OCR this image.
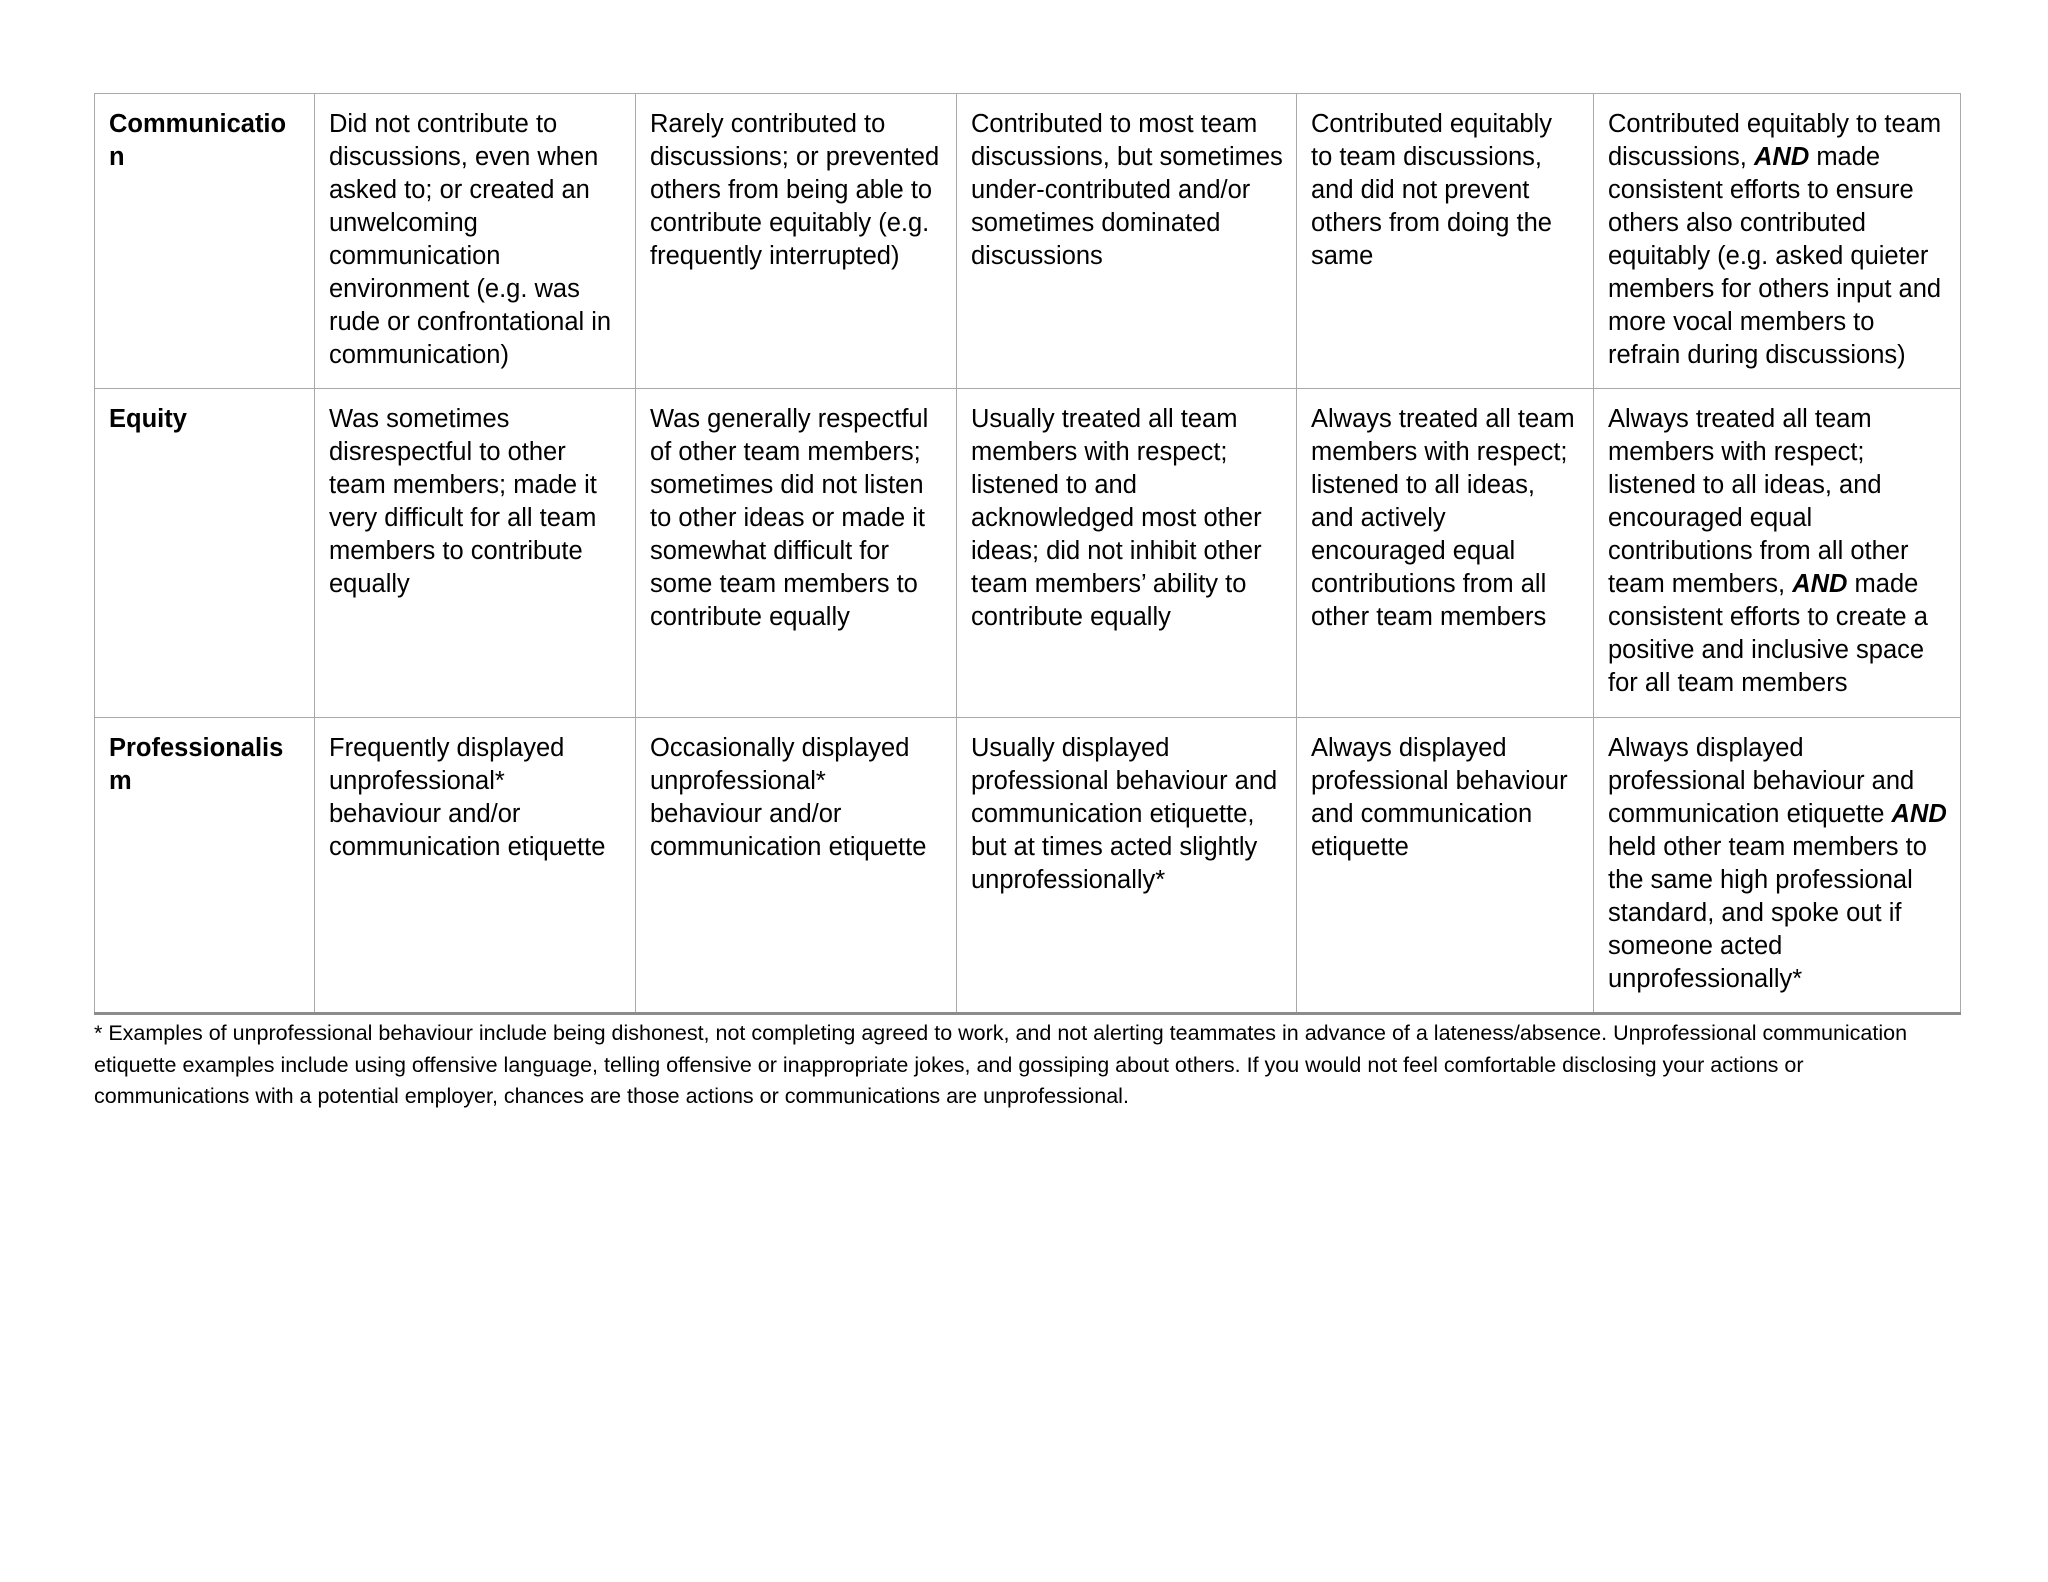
Communication	Did not contribute to discussions, even when asked to; or created an unwelcoming communication environment (e.g. was rude or confrontational in communication)	Rarely contributed to discussions; or prevented others from being able to contribute equitably (e.g. frequently interrupted)	Contributed to most team discussions, but sometimes under-contributed and/or sometimes dominated discussions	Contributed equitably to team discussions, and did not prevent others from doing the same	Contributed equitably to team discussions, AND made consistent efforts to ensure others also contributed equitably (e.g. asked quieter members for others input and more vocal members to refrain during discussions)
Equity	Was sometimes disrespectful to other team members; made it very difficult for all team members to contribute equally	Was generally respectful of other team members; sometimes did not listen to other ideas or made it somewhat difficult for some team members to contribute equally	Usually treated all team members with respect; listened to and acknowledged most other ideas; did not inhibit other team members’ ability to contribute equally	Always treated all team members with respect; listened to all ideas, and actively encouraged equal contributions from all other team members	Always treated all team members with respect; listened to all ideas, and encouraged equal contributions from all other team members, AND made consistent efforts to create a positive and inclusive space for all team members
Professionalism	Frequently displayed unprofessional* behaviour and/or communication etiquette	Occasionally displayed unprofessional* behaviour and/or communication etiquette	Usually displayed professional behaviour and communication etiquette, but at times acted slightly unprofessionally*	Always displayed professional behaviour and communication etiquette	Always displayed professional behaviour and communication etiquette AND held other team members to the same high professional standard, and spoke out if someone acted unprofessionally*
* Examples of unprofessional behaviour include being dishonest, not completing agreed to work, and not alerting teammates in advance of a lateness/absence. Unprofessional communication etiquette examples include using offensive language, telling offensive or inappropriate jokes, and gossiping about others. If you would not feel comfortable disclosing your actions or communications with a potential employer, chances are those actions or communications are unprofessional.
